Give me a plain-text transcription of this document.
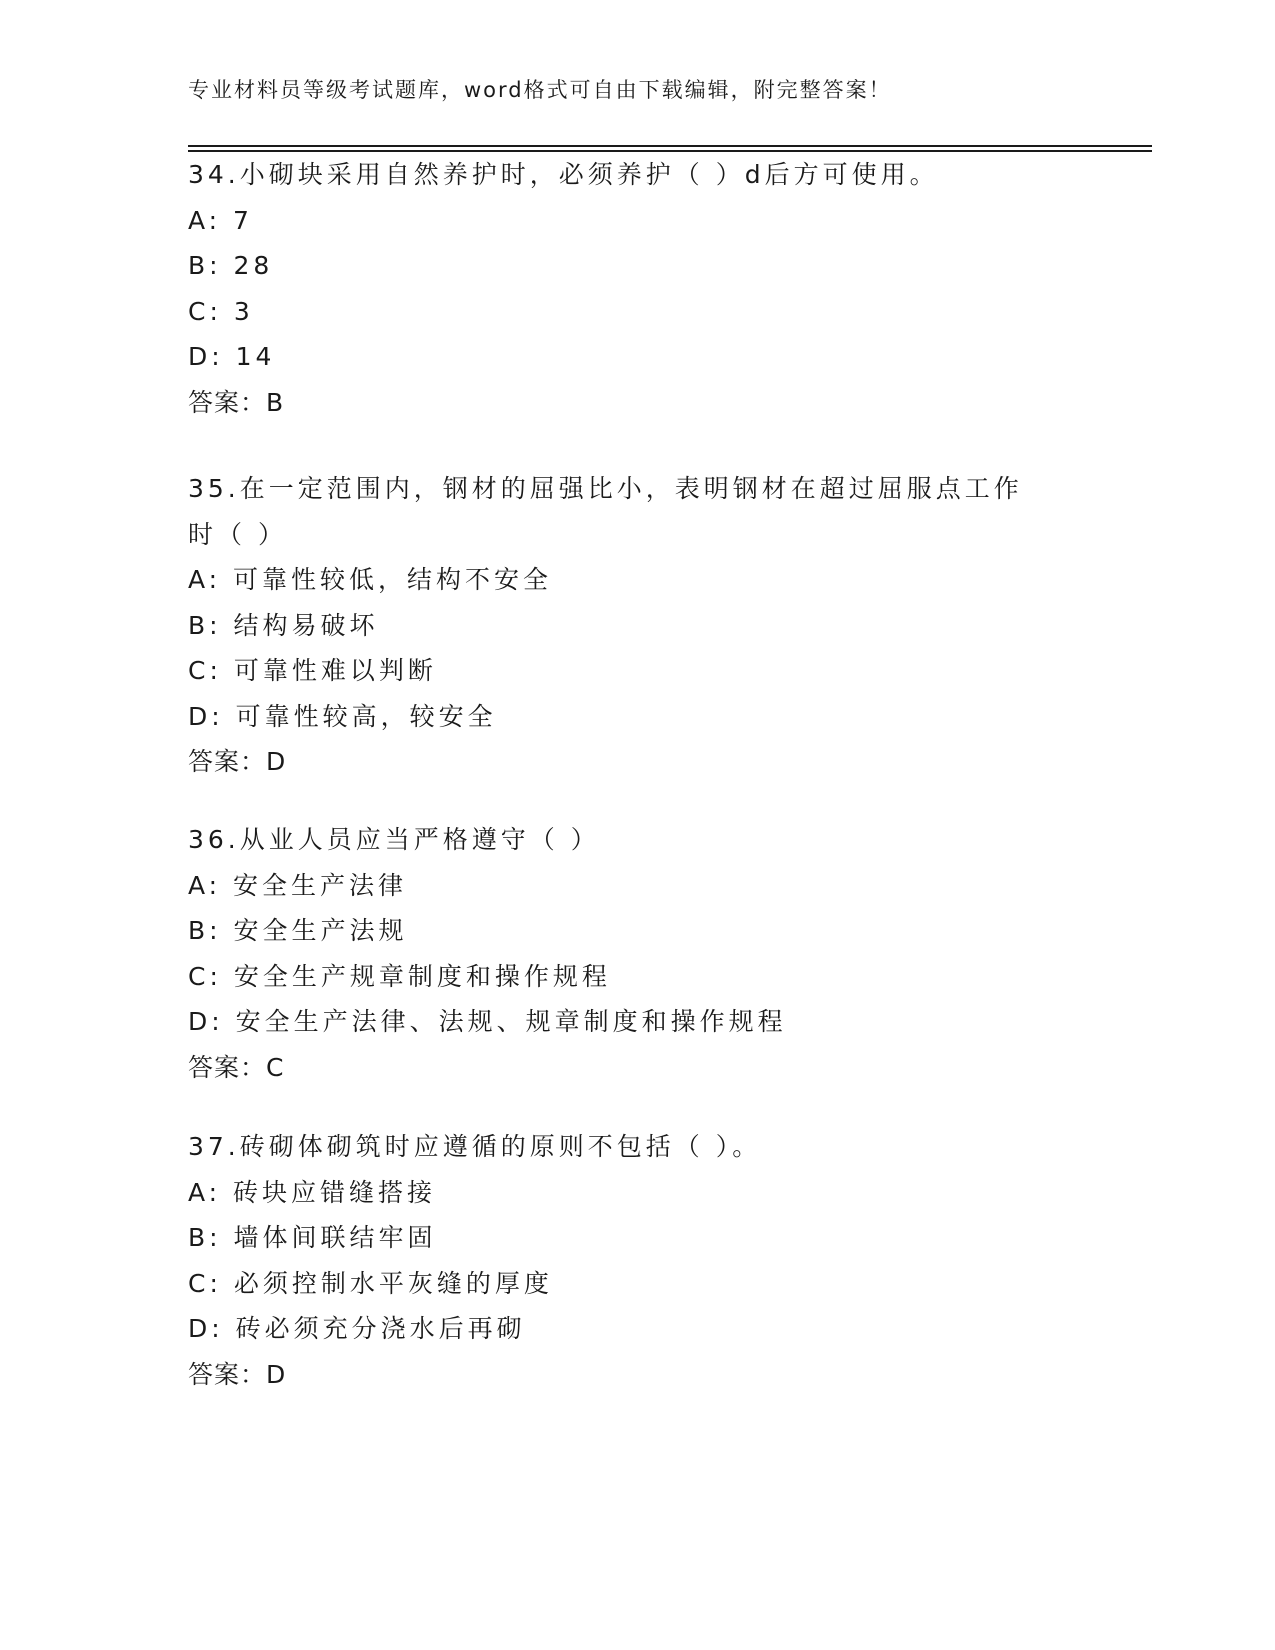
专业材料员等级考试题库，word格式可自由下载编辑，附完整答案！
34.小砌块采用自然养护时，必须养护（ ）d后方可使用。
A: 7
B: 28
C: 3
D: 14
答案：B
35.在一定范围内，钢材的屈强比小，表明钢材在超过屈服点工作时（ ）
A: 可靠性较低，结构不安全
B: 结构易破坏
C: 可靠性难以判断
D: 可靠性较高，较安全
答案：D
36.从业人员应当严格遵守（ ）
A: 安全生产法律
B: 安全生产法规
C: 安全生产规章制度和操作规程
D: 安全生产法律、法规、规章制度和操作规程
答案：C
37.砖砌体砌筑时应遵循的原则不包括（ ）。
A: 砖块应错缝搭接
B: 墙体间联结牢固
C: 必须控制水平灰缝的厚度
D: 砖必须充分浇水后再砌
答案：D
